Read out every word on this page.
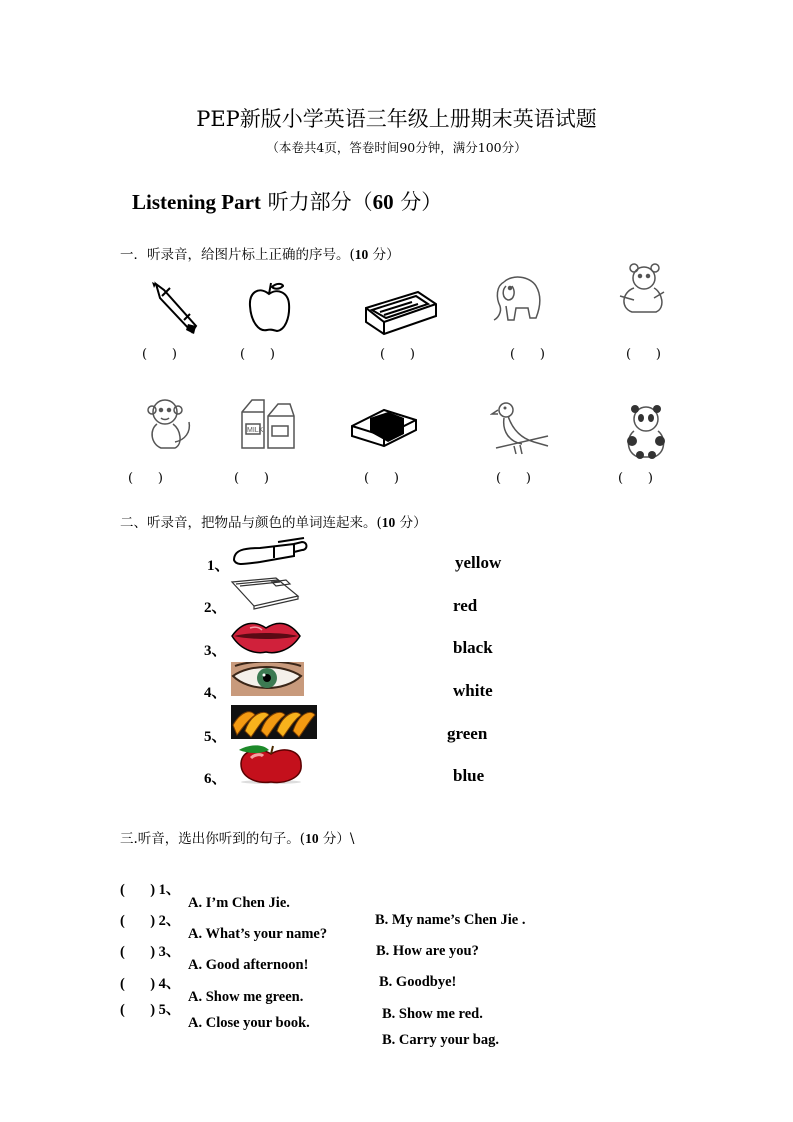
PEP新版小学英语三年级上册期末英语试题
（本卷共4页，答卷时间90分钟，满分100分）
Listening Part 听力部分（60 分）
一．听录音，给图片标上正确的序号。(10 分）
(      )	(      )	(      )	(      )	(      )
MILK
(      )	(      )	(      )	(      )	(      )
二、听录音，把物品与颜色的单词连起来。(10 分）
1、	yellow
2、	red
3、	black
4、	white
5、	green
6、	blue
三.听音，选出你听到的句子。(10 分）\

(       ) 1、

A. I’m Chen Jie.

B. My name’s Chen Jie .

(       ) 2、

A. What’s your name?

B. How are you?

(       ) 3、

A. Good afternoon!

B. Goodbye!

(       ) 4、

A. Show me green.

B. Show me red.

(       ) 5、

A. Close your book.

B. Carry your bag.
